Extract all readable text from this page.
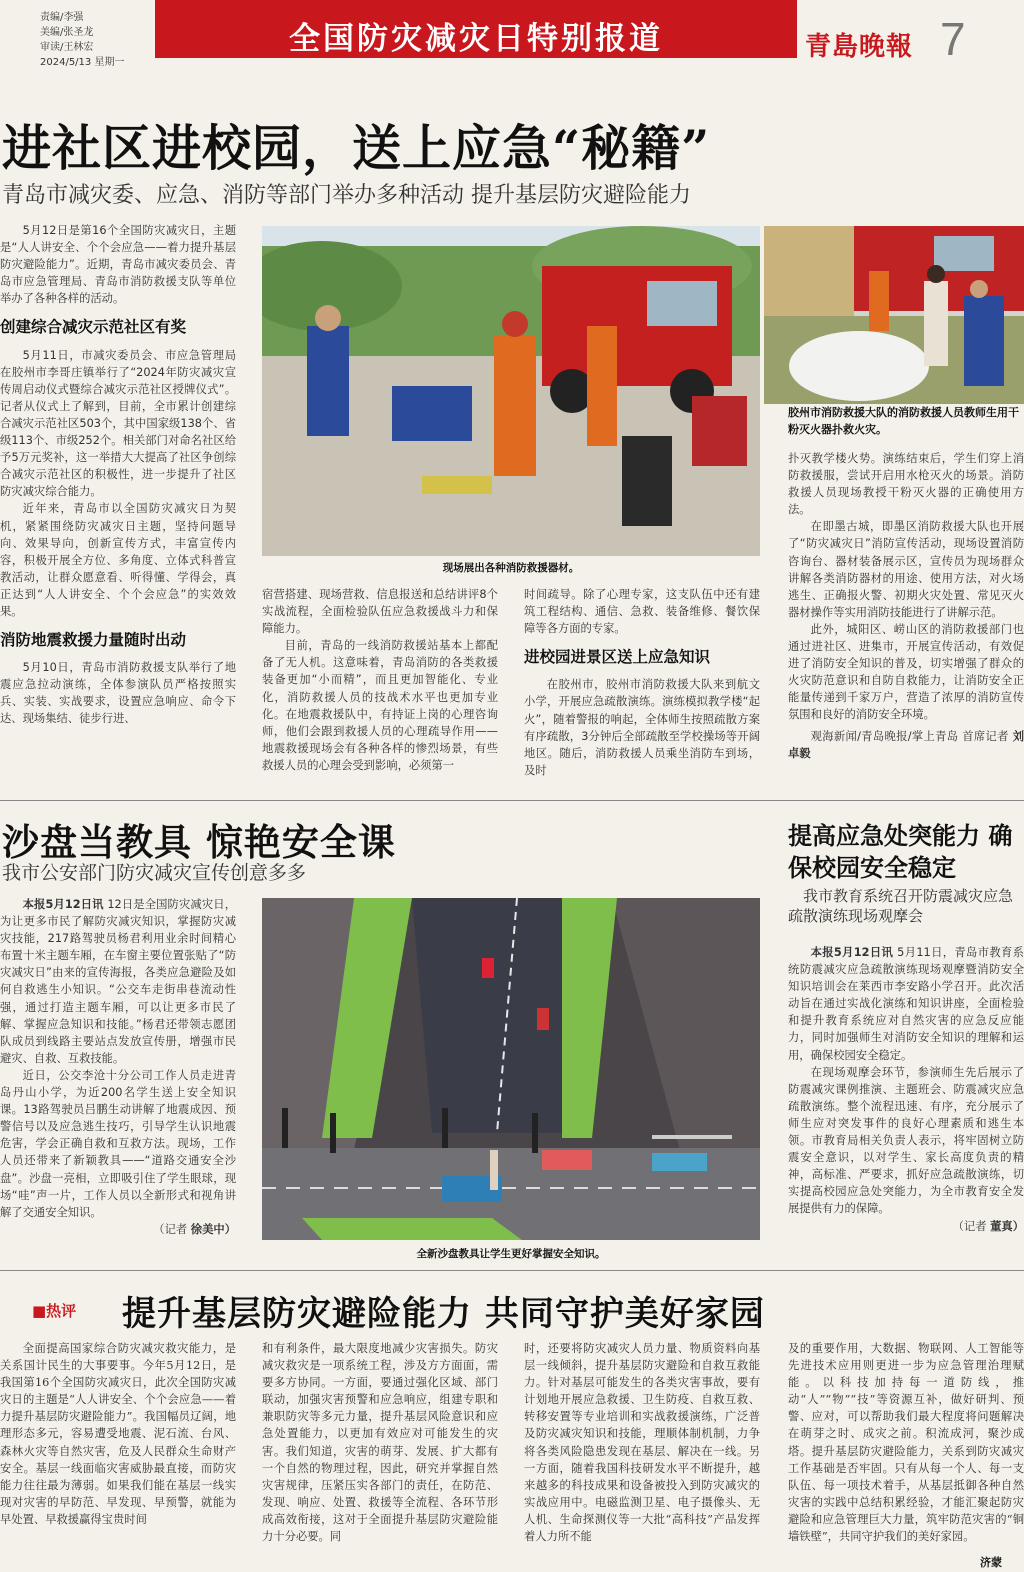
责编/李强
美编/张圣龙
审读/王林宏
2024/5/13 星期一
全国防灾减灾日特别报道	青島晚報 7
进社区进校园，送上应急“秘籍”
青岛市减灾委、应急、消防等部门举办多种活动 提升基层防灾避险能力

5月12日是第16个全国防灾减灾日，主题是“人人讲安全、个个会应急——着力提升基层防灾避险能力”。近期，青岛市减灾委员会、青岛市应急管理局、青岛市消防救援支队等单位举办了各种各样的活动。

创建综合减灾示范社区有奖

5月11日，市减灾委员会、市应急管理局在胶州市李哥庄镇举行了“2024年防灾减灾宣传周启动仪式暨综合减灾示范社区授牌仪式”。记者从仪式上了解到，目前，全市累计创建综合减灾示范社区503个，其中国家级138个、省级113个、市级252个。相关部门对命名社区给予5万元奖补，这一举措大大提高了社区争创综合减灾示范社区的积极性，进一步提升了社区防灾减灾综合能力。

近年来，青岛市以全国防灾减灾日为契机，紧紧围绕防灾减灾日主题，坚持问题导向、效果导向，创新宣传方式，丰富宣传内容，积极开展全方位、多角度、立体式科普宣教活动，让群众愿意看、听得懂、学得会，真正达到“人人讲安全、个个会应急”的实效效果。

消防地震救援力量随时出动

5月10日，青岛市消防救援支队举行了地震应急拉动演练，全体参演队员严格按照实兵、实装、实战要求，设置应急响应、命令下达、现场集结、徒步行进、

现场展出各种消防救援器材。
胶州市消防救援大队的消防救援人员教师生用干粉灭火器扑救火灾。

宿营搭建、现场营救、信息报送和总结讲评8个实战流程，全面检验队伍应急救援战斗力和保障能力。

目前，青岛的一线消防救援站基本上都配备了无人机。这意味着，青岛消防的各类救援装备更加“小而精”，而且更加智能化、专业化，消防救援人员的技战术水平也更加专业化。在地震救援队中，有持证上岗的心理咨询师，他们会跟到救援人员的心理疏导作用——地震救援现场会有各种各样的惨烈场景，有些救援人员的心理会受到影响，必须第一

时间疏导。除了心理专家，这支队伍中还有建筑工程结构、通信、急救、装备维修、餐饮保障等各方面的专家。

进校园进景区送上应急知识

在胶州市，胶州市消防救援大队来到航文小学，开展应急疏散演练。演练模拟教学楼“起火”，随着警报的响起，全体师生按照疏散方案有序疏散，3分钟后全部疏散至学校操场等开阔地区。随后，消防救援人员乘坐消防车到场，及时

扑灭教学楼火势。演练结束后，学生们穿上消防救援服，尝试开启用水枪灭火的场景。消防救援人员现场教授干粉灭火器的正确使用方法。

在即墨古城，即墨区消防救援大队也开展了“防灾减灾日”消防宣传活动，现场设置消防咨询台、器材装备展示区，宣传员为现场群众讲解各类消防器材的用途、使用方法，对火场逃生、正确报火警、初期火灾处置、常见灭火器材操作等实用消防技能进行了讲解示范。

此外，城阳区、崂山区的消防救援部门也通过进社区、进集市，开展宣传活动，有效促进了消防安全知识的普及，切实增强了群众的火灾防范意识和自防自救能力，让消防安全正能量传递到千家万户，营造了浓厚的消防宣传氛围和良好的消防安全环境。

观海新闻/青岛晚报/掌上青岛 首席记者 刘卓毅
沙盘当教具 惊艳安全课
我市公安部门防灾减灾宣传创意多多

本报5月12日讯 12日是全国防灾减灾日，为让更多市民了解防灾减灾知识，掌握防灾减灾技能，217路驾驶员杨君利用业余时间精心布置十米主题车厢，在车窗主要位置张贴了“防灾减灾日”由来的宣传海报，各类应急避险及如何自救逃生小知识。“公交车走街串巷流动性强，通过打造主题车厢，可以让更多市民了解、掌握应急知识和技能。”杨君还带领志愿团队成员到线路主要站点发放宣传册，增强市民避灾、自救、互救技能。

近日，公交李沧十分公司工作人员走进青岛丹山小学，为近200名学生送上安全知识课。13路驾驶员吕鹏生动讲解了地震成因、预警信号以及应急逃生技巧，引导学生认识地震危害，学会正确自救和互救方法。现场，工作人员还带来了新颖教具——“道路交通安全沙盘”。沙盘一亮相，立即吸引住了学生眼球，现场“哇”声一片，工作人员以全新形式和视角讲解了交通安全知识。

（记者 徐美中）
全新沙盘教具让学生更好掌握安全知识。
提高应急处突能力 确保校园安全稳定
我市教育系统召开防震减灾应急疏散演练现场观摩会

本报5月12日讯 5月11日，青岛市教育系统防震减灾应急疏散演练现场观摩暨消防安全知识培训会在莱西市李安路小学召开。此次活动旨在通过实战化演练和知识讲座，全面检验和提升教育系统应对自然灾害的应急反应能力，同时加强师生对消防安全知识的理解和运用，确保校园安全稳定。

在现场观摩会环节，参演师生先后展示了防震减灾课例推演、主题班会、防震减灾应急疏散演练。整个流程迅速、有序，充分展示了师生应对突发事件的良好心理素质和逃生本领。市教育局相关负责人表示，将牢固树立防震安全意识，以对学生、家长高度负责的精神，高标准、严要求，抓好应急疏散演练，切实提高校园应急处突能力，为全市教育安全发展提供有力的保障。

（记者 董真）
■热评 提升基层防灾避险能力 共同守护美好家园

全面提高国家综合防灾减灾救灾能力，是关系国计民生的大事要事。今年5月12日，是我国第16个全国防灾减灾日，此次全国防灾减灾日的主题是“人人讲安全、个个会应急——着力提升基层防灾避险能力”。我国幅员辽阔，地理形态多元，容易遭受地震、泥石流、台风、森林火灾等自然灾害，危及人民群众生命财产安全。基层一线面临灾害威胁最直接，而防灾能力往往最为薄弱。如果我们能在基层一线实现对灾害的早防范、早发现、早预警，就能为早处置、早救援赢得宝贵时间

和有利条件，最大限度地减少灾害损失。防灾减灾救灾是一项系统工程，涉及方方面面，需要多方协同。一方面，要通过强化区域、部门联动，加强灾害预警和应急响应，组建专职和兼职防灾等多元力量，提升基层风险意识和应急处置能力，以更加有效应对可能发生的灾害。我们知道，灾害的萌芽、发展、扩大都有一个自然的物理过程，因此，研究并掌握自然灾害规律，压紧压实各部门的责任，在防范、发现、响应、处置、救援等全流程、各环节形成高效衔接，这对于全面提升基层防灾避险能力十分必要。同

时，还要将防灾减灾人员力量、物质资料向基层一线倾斜，提升基层防灾避险和自救互救能力。针对基层可能发生的各类灾害事故，要有计划地开展应急救援、卫生防疫、自救互救、转移安置等专业培训和实战救援演练，广泛普及防灾减灾知识和技能，理顺体制机制，力争将各类风险隐患发现在基层、解决在一线。另一方面，随着我国科技研发水平不断提升，越来越多的科技成果和设备被投入到防灾减灾的实战应用中。电磁监测卫星、电子摄像头、无人机、生命探测仪等一大批“高科技”产品发挥着人力所不能

及的重要作用，大数据、物联网、人工智能等先进技术应用则更进一步为应急管理治理赋能。以科技加持每一道防线，推动“人”“物”“技”等资源互补，做好研判、预警、应对，可以帮助我们最大程度将问题解决在萌芽之时、成灾之前。积流成河，聚沙成塔。提升基层防灾避险能力，关系到防灾减灾工作基础是否牢固。只有从每一个人、每一支队伍、每一项技术着手，从基层抵御各种自然灾害的实践中总结积累经验，才能汇聚起防灾避险和应急管理巨大力量，筑牢防范灾害的“铜墙铁壁”，共同守护我们的美好家园。

济蒙
